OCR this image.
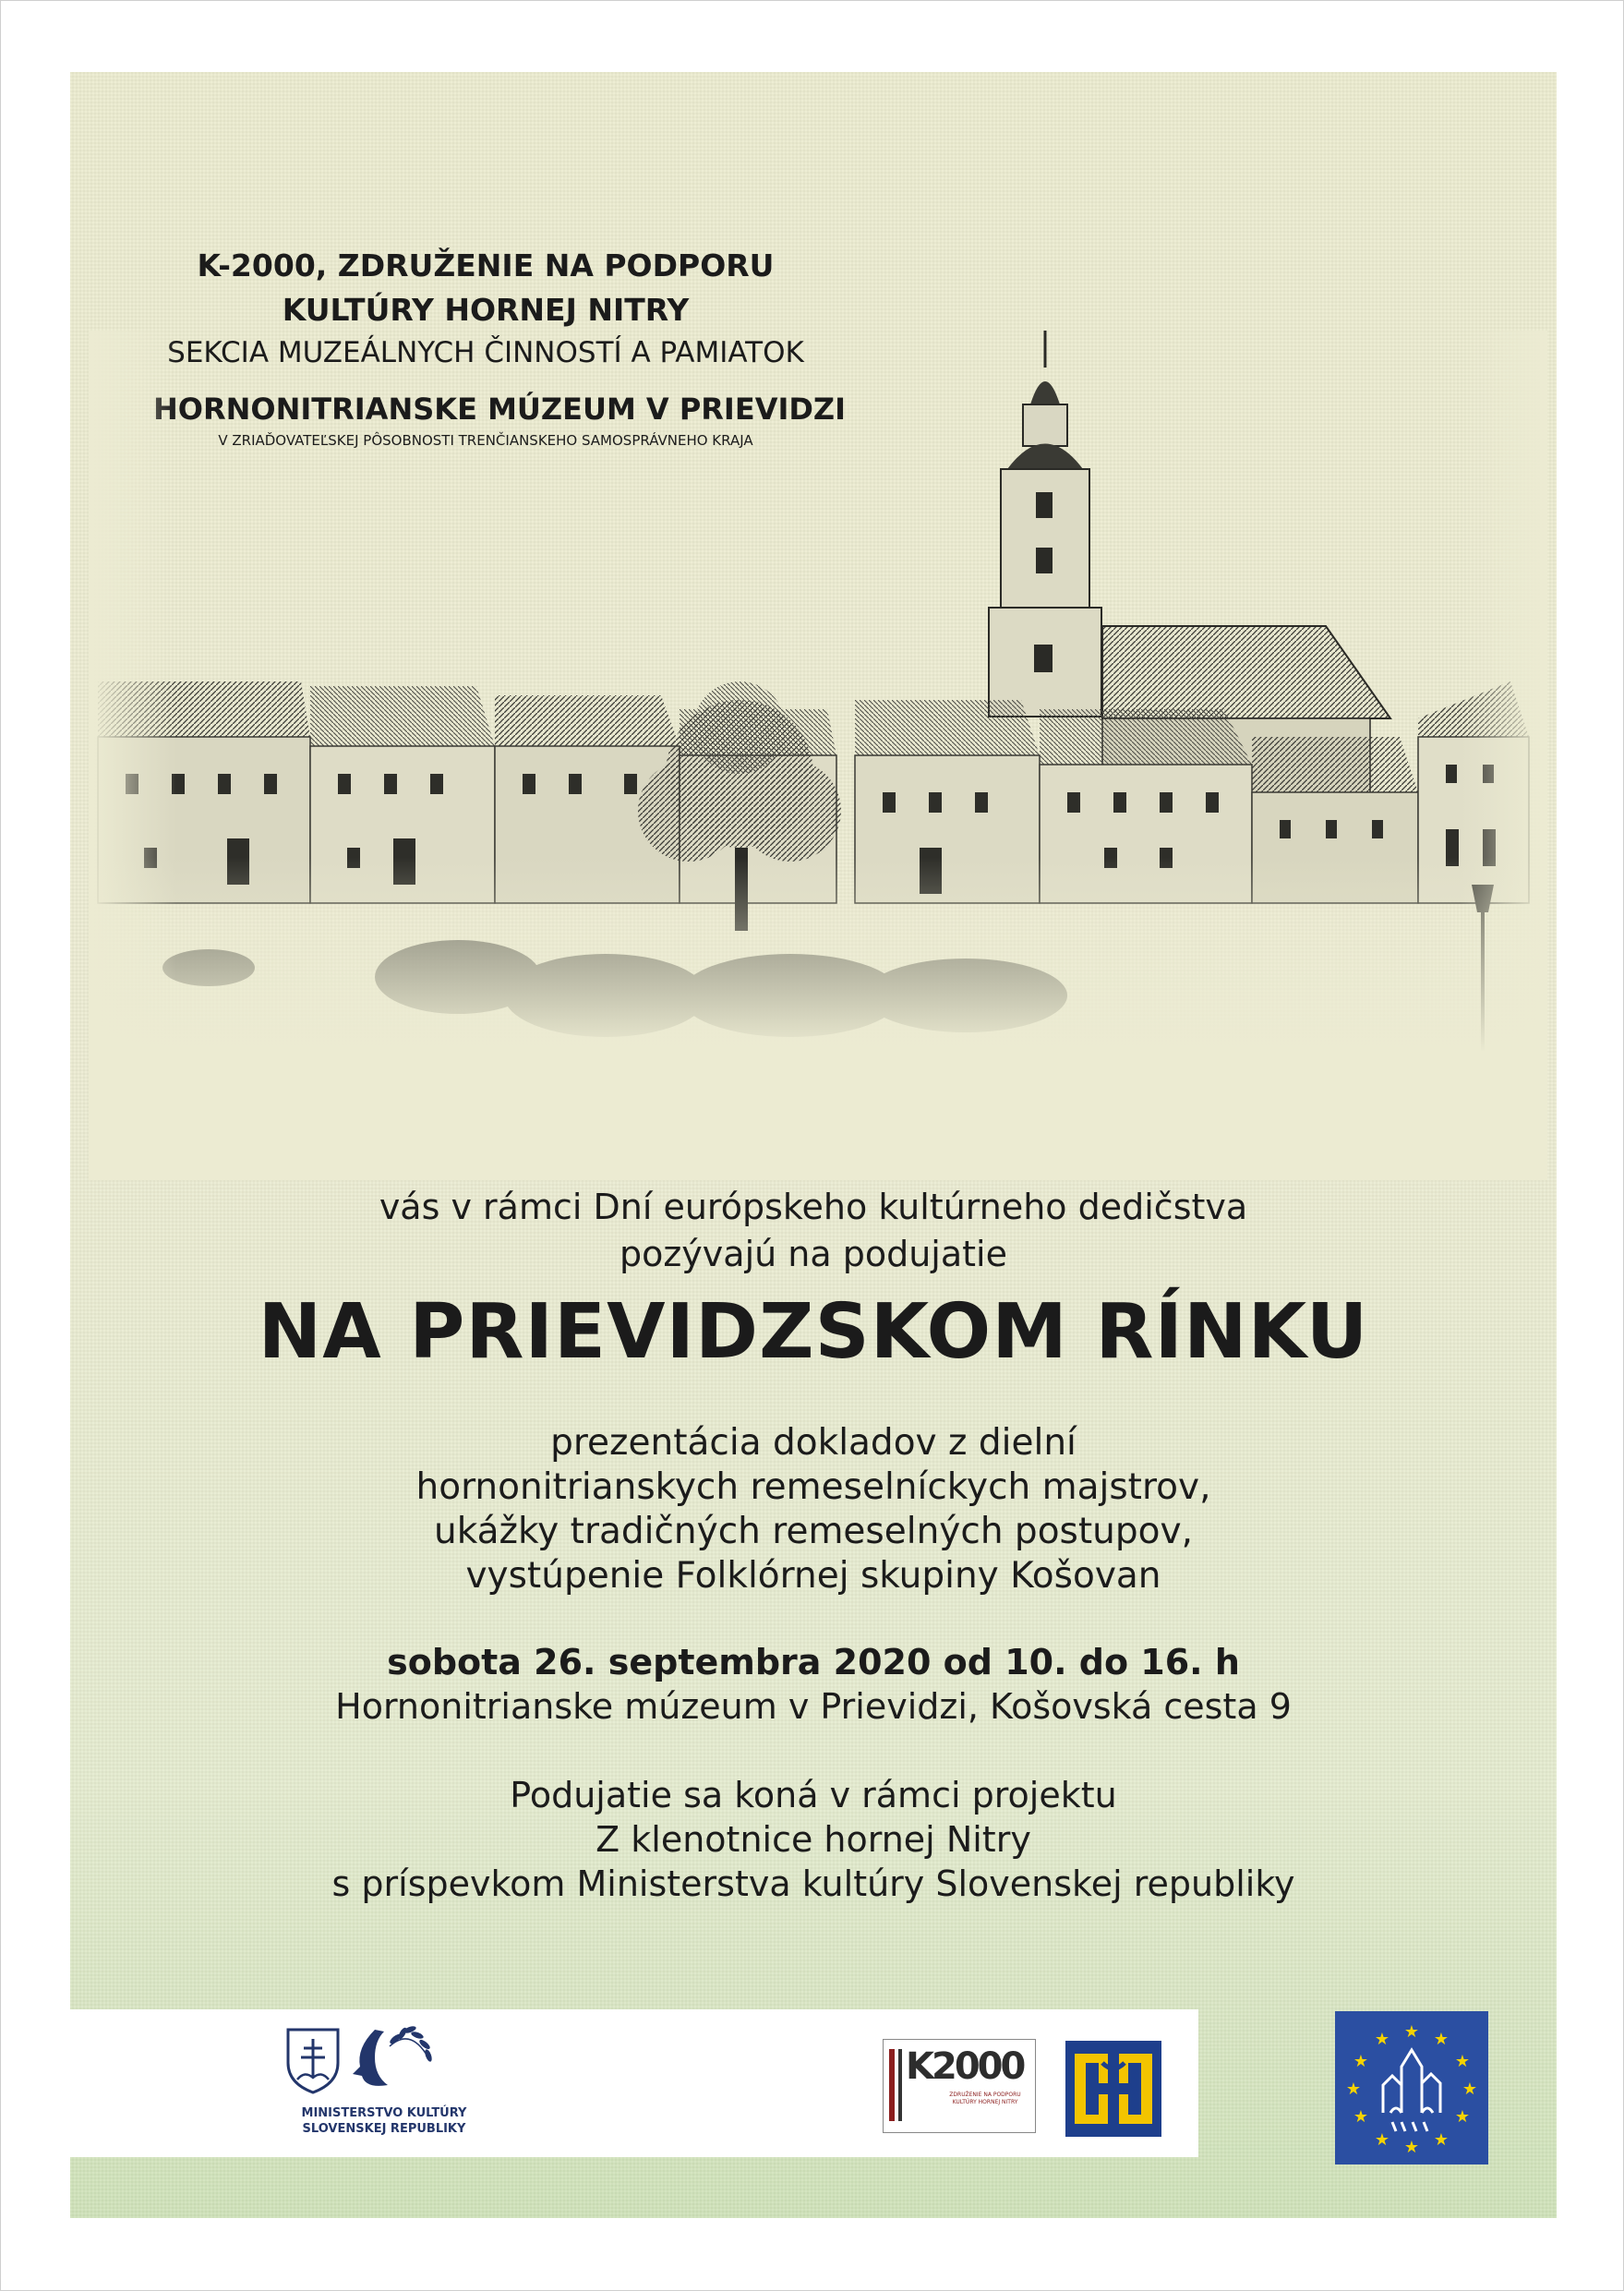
K-2000, ZDRUŽENIE NA PODPORU
KULTÚRY HORNEJ NITRY
vás v rámci Dní európskeho kultúrneho dedičstva
pozývajú na podujatie
NA PRIEVIDZSKOM RÍNKU
prezentácia dokladov z dielní
hornonitrianskych remeselníckych majstrov,
ukážky tradičných remeselných postupov,
vystúpenie Folklórnej skupiny Košovan
sobota 26. septembra 2020 od 10. do 16. h
Hornonitrianske múzeum v Prievidzi, Košovská cesta 9
Podujatie sa koná v rámci projektu
Z klenotnice hornej Nitry
s príspevkom Ministerstva kultúry Slovenskej republiky
MINISTERSTVO KULTÚRY
SLOVENSKEJ REPUBLIKY
K2000
ZDRUŽENIE NA PODPORU KULTÚRY HORNEJ NITRY
★ ★
★
★
★
★
★
★
★
★
★
★
